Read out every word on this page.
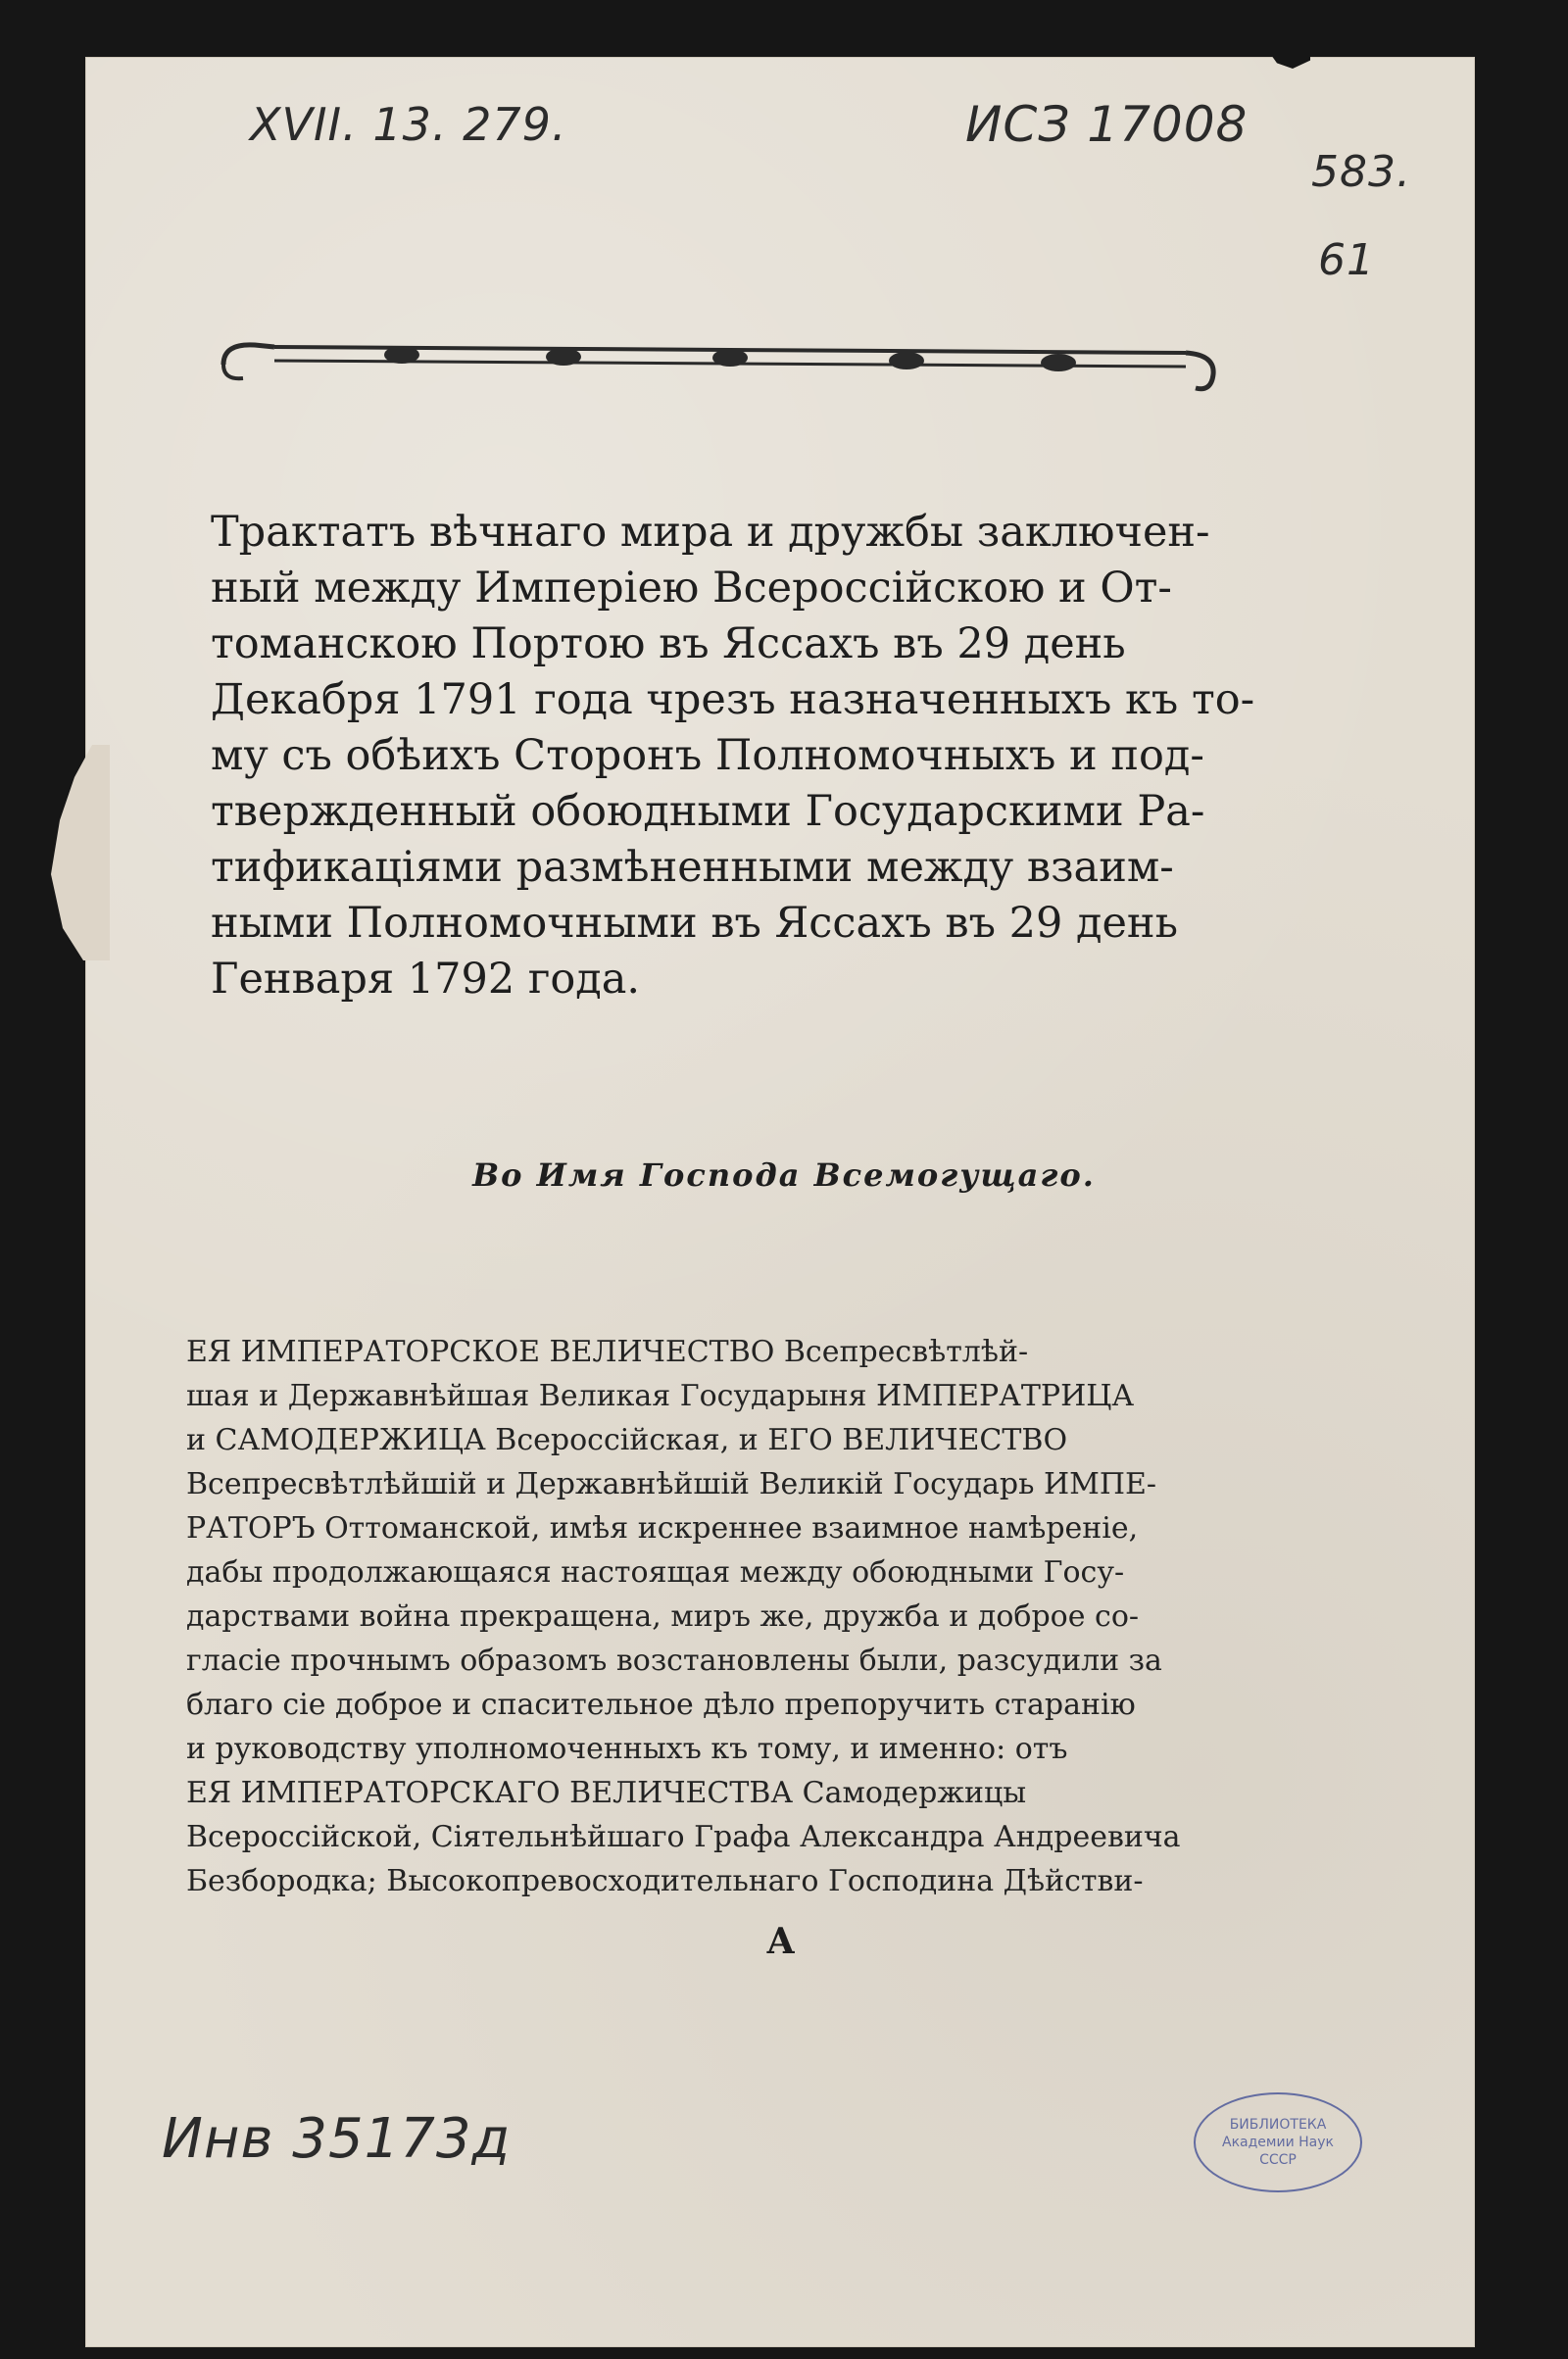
XVII. 13. 279.	ИСЗ 17008
583.
61
Трактатъ вѣчнаго мира и дружбы заключен-
ный между Имперiею Всероссiйскою и От-
томанскою Портою въ Яссахъ въ 29 день
Декабря 1791 года чрезъ назначенныхъ къ то-
му съ обѣихъ Сторонъ Полномочныхъ и под-
твержденный обоюдными Государскими Ра-
тификацiями размѣненными между взаим-
ными Полномочными въ Яссахъ въ 29 день
Генваря 1792 года.
Во Имя Господа Всемогущаго.
ЕЯ ИМПЕРАТОРСКОЕ ВЕЛИЧЕСТВО Всепресвѣтлѣй-
шая и Державнѣйшая Великая Государыня ИМПЕРАТРИЦА
и САМОДЕРЖИЦА Всероссiйская, и ЕГО ВЕЛИЧЕСТВО
Всепресвѣтлѣйшiй и Державнѣйшiй Великiй Государь ИМПЕ-
РАТОРЪ Оттоманской, имѣя искреннее взаимное намѣренiе,
дабы продолжающаяся настоящая между обоюдными Госу-
дарствами война прекращена, миръ же, дружба и доброе со-
гласiе прочнымъ образомъ возстановлены были, разсудили за
благо сiе доброе и спасительное дѣло препоручить старанiю
и руководству уполномоченныхъ къ тому, и именно: отъ
ЕЯ ИМПЕРАТОРСКАГО ВЕЛИЧЕСТВА Самодержицы
Всероссiйской, Сiятельнѣйшаго Графа Александра Андреевича
Безбородка; Высокопревосходительнаго Господина Дѣйстви-
А
Инв 35173д	БИБЛИОТЕКА
Академии Наук
СССР
